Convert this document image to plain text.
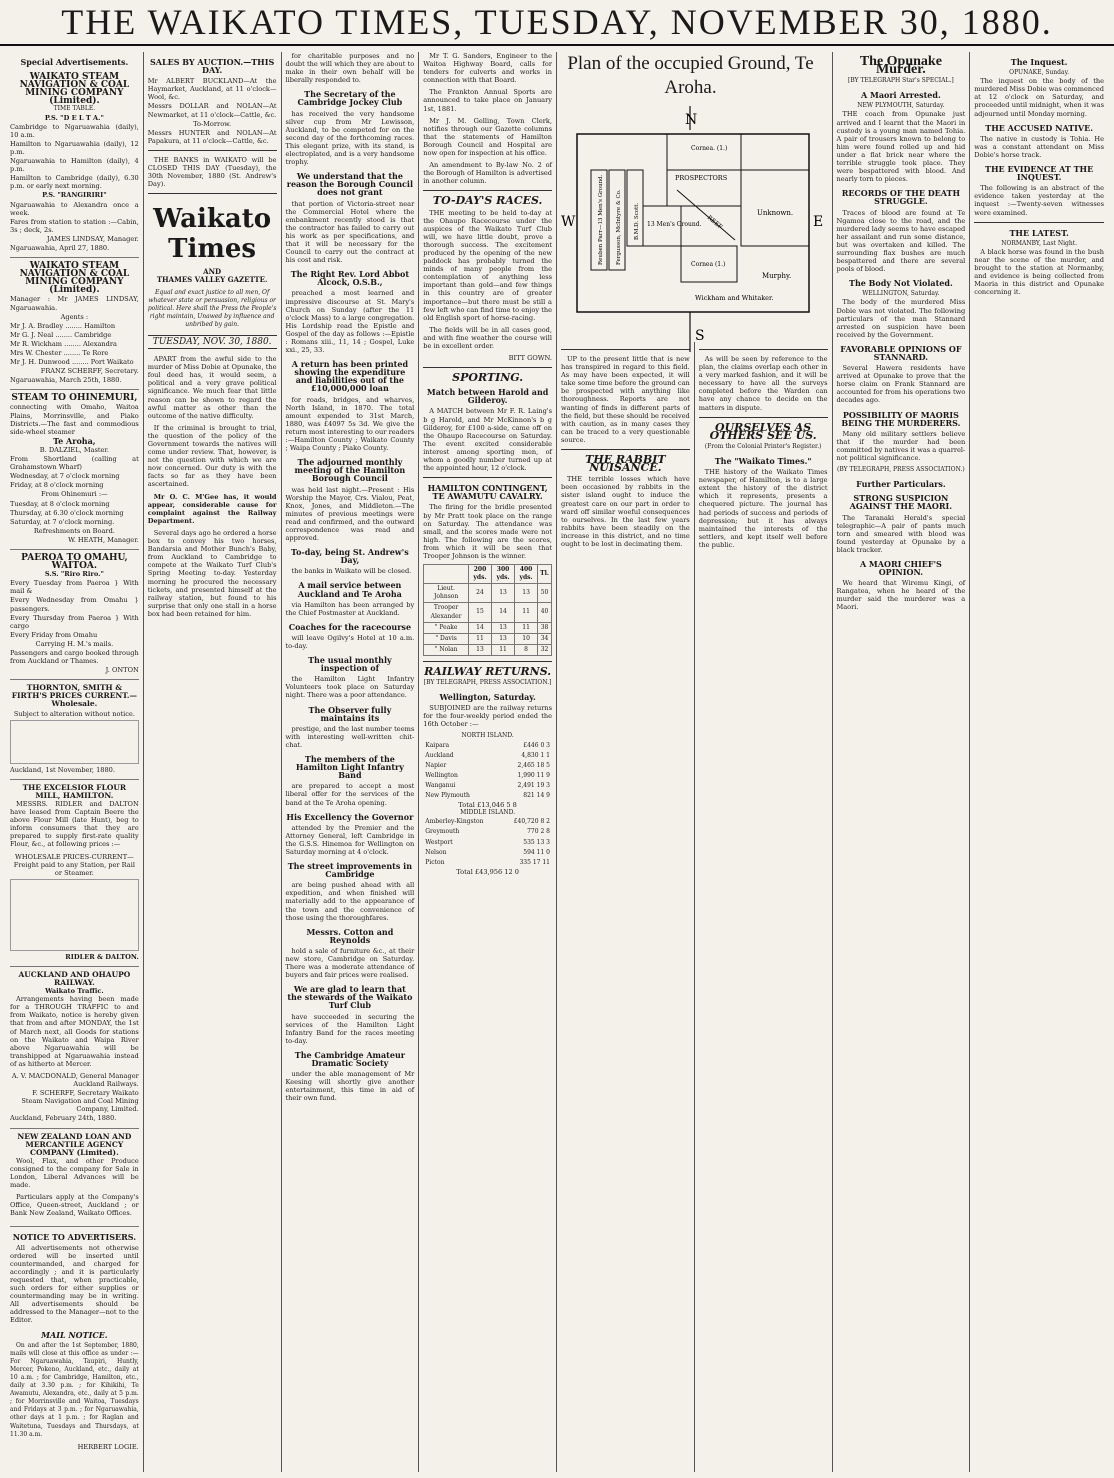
THE WAIKATO TIMES, TUESDAY, NOVEMBER 30, 1880.
Special Advertisements.
WAIKATO STEAM NAVIGATION & COAL MINING COMPANY (Limited).
TIME TABLE.
P.S. "D E L T A."
Cambridge to Ngaruawahia (daily), 10 a.m.
Hamilton to Ngaruawahia (daily), 12 p.m.
Ngaruawahia to Hamilton (daily), 4 p.m.
Hamilton to Cambridge (daily), 6.30 p.m. or early next morning.
P.S. "RANGIRIRI"
Ngaruawahia to Alexandra once a week.
Fares from station to station :—Cabin, 3s ; deck, 2s.
JAMES LINDSAY, Manager.
Ngaruawahia, April 27, 1880.
WAIKATO STEAM NAVIGATION & COAL MINING COMPANY (Limited).
Manager : Mr JAMES LINDSAY, Ngaruawahia.
Agents :
Mr J. A. Bradley ........ Hamilton
Mr G. J. Neal ........ Cambridge
Mr R. Wickham ........ Alexandra
Mrs W. Chester ........ Te Rore
Mr J. H. Dunwood ........ Port Waikato
FRANZ SCHERFF, Secretary.
Ngaruawahia, March 25th, 1880.
STEAM TO OHINEMURI,
connecting with Omaho, Waitoa Plains, Morrinsville, and Piako Districts.—The fast and commodious side-wheel steamer
Te Aroha,
B. DALZIEL, Master.
From Shortland (calling at Grahamstown Wharf)
Wednesday, at 7 o'clock morning
Friday, at 8 o'clock morning
From Ohinemuri :—
Tuesday, at 8 o'clock morning
Thursday, at 6.30 o'clock morning
Saturday, at 7 o'clock morning.
Refreshments on Board.
W. HEATH, Manager.
PAEROA TO OMAHU, WAITOA.
S.S. "Riro Riro."
Every Tuesday from Paeroa } With mail &
Every Wednesday from Omahu } passengers.
Every Thursday from Paeroa } With cargo
Every Friday from Omahu
Carrying H. M.'s mails.
Passengers and cargo booked through from Auckland or Thames.
J. ONTON
THORNTON, SMITH & FIRTH'S PRICES CURRENT.—Wholesale.
Subject to alteration without notice.
Auckland, 1st November, 1880.
THE EXCELSIOR FLOUR MILL, HAMILTON.
MESSRS. RIDLER and DALTON have leased from Captain Beere the above Flour Mill (late Hunt), beg to inform consumers that they are prepared to supply first-rate quality Flour, &c., at following prices :—
WHOLESALE PRICES-CURRENT—Freight paid to any Station, per Rail or Steamer.
RIDLER & DALTON.
AUCKLAND AND OHAUPO RAILWAY.
Waikato Traffic.
Arrangements having been made for a THROUGH TRAFFIC to and from Waikato, notice is hereby given that from and after MONDAY, the 1st of March next, all Goods for stations on the Waikato and Waipa River above Ngaruawahia will be transhipped at Ngaruawahia instead of as hitherto at Mercer.
A. V. MACDONALD, General Manager Auckland Railways.
F. SCHERFF, Secretary Waikato Steam Navigation and Coal Mining Company, Limited.
Auckland, February 24th, 1880.
NEW ZEALAND LOAN AND MERCANTILE AGENCY COMPANY (Limited).
Wool, Flax, and other Produce consigned to the company for Sale in London, Liberal Advances will be made.
Particulars apply at the Company's Office, Queen-street, Auckland ; or Bank New Zealand, Waikato Offices.
NOTICE TO ADVERTISERS.
All advertisements not otherwise ordered will be inserted until countermanded, and charged for accordingly ; and it is particularly requested that, when practicable, such orders for either supplies or countermanding may be in writing. All advertisements should be addressed to the Manager—not to the Editor.
MAIL NOTICE.
On and after the 1st September, 1880, mails will close at this office as under :—For Ngaruawahia, Taupiri, Huntly, Mercer, Pokeno, Auckland, etc., daily at 10 a.m. ; for Cambridge, Hamilton, etc., daily at 3.30 p.m. ; for Kihikihi, Te Awamutu, Alexandra, etc., daily at 5 p.m. ; for Morrinsville and Waitoa, Tuesdays and Fridays at 3 p.m. ; for Ngaruawahia, other days at 1 p.m. ; for Raglan and Waitetuna, Tuesdays and Thursdays, at 11.30 a.m.
HERBERT LOGIE.
SALES BY AUCTION.—THIS DAY.
Mr ALBERT BUCKLAND—At the Haymarket, Auckland, at 11 o'clock—Wool, &c.
Messrs DOLLAR and NOLAN—At Newmarket, at 11 o'clock—Cattle, &c.
To-Morrow.
Messrs HUNTER and NOLAN—At Papakura, at 11 o'clock—Cattle, &c.
THE BANKS in WAIKATO will be CLOSED THIS DAY (Tuesday), the 30th November, 1880 (St. Andrew's Day).
Waikato Times
AND
THAMES VALLEY GAZETTE.
Equal and exact justice to all men, Of whatever state or persuasion, religious or political. Here shall the Press the People's right maintain, Unawed by influence and unbribed by gain.
TUESDAY, NOV. 30, 1880.
APART from the awful side to the murder of Miss Dobie at Opunake, the foul deed has, it would seem, a political and a very grave political significance. We much fear that little reason can be shown to regard the awful matter as other than the outcome of the native difficulty.
If the criminal is brought to trial, the question of the policy of the Government towards the natives will come under review. That, however, is not the question with which we are now concerned. Our duty is with the facts so far as they have been ascertained.
Mr O. C. M'Gee has, it would appear, considerable cause for complaint against the Railway Department.
Several days ago he ordered a horse box to convey his two horses, Bandarsia and Mother Bunch's Baby, from Auckland to Cambridge to compete at the Waikato Turf Club's Spring Meeting to-day. Yesterday morning he procured the necessary tickets, and presented himself at the railway station, but found to his surprise that only one stall in a horse box had been retained for him.
for charitable purposes and no doubt the will which they are about to make in their own behalf will be liberally responded to.
The Secretary of the Cambridge Jockey Club
has received the very handsome silver cup from Mr Lewisson, Auckland, to be competed for on the second day of the forthcoming races. This elegant prize, with its stand, is electroplated, and is a very handsome trophy.
We understand that the reason the Borough Council does not grant
that portion of Victoria-street near the Commercial Hotel where the embankment recently stood is that the contractor has failed to carry out his work as per specifications, and that it will be necessary for the Council to carry out the contract at his cost and risk.
The Right Rev. Lord Abbot Alcock, O.S.B.,
preached a most learned and impressive discourse at St. Mary's Church on Sunday (after the 11 o'clock Mass) to a large congregation. His Lordship read the Epistle and Gospel of the day as follows :—Epistle : Romans xiii., 11, 14 ; Gospel, Luke xxi., 25, 33.
A return has been printed showing the expenditure and liabilities out of the £10,000,000 loan
for roads, bridges, and wharves, North Island, in 1870. The total amount expended to 31st March, 1880, was £4097 5s 3d. We give the return most interesting to our readers :—Hamilton County ; Waikato County ; Waipa County ; Piako County.
The adjourned monthly meeting of the Hamilton Borough Council
was held last night.—Present : His Worship the Mayor, Crs. Vialou, Peat, Knox, Jones, and Middleton.—The minutes of previous meetings were read and confirmed, and the outward correspondence was read and approved.
To-day, being St. Andrew's Day,
the banks in Waikato will be closed.
A mail service between Auckland and Te Aroha
via Hamilton has been arranged by the Chief Postmaster at Auckland.
Coaches for the racecourse
will leave Ogilvy's Hotel at 10 a.m. to-day.
The usual monthly inspection of
the Hamilton Light Infantry Volunteers took place on Saturday night. There was a poor attendance.
The Observer fully maintains its
prestige, and the last number teems with interesting well-written chit-chat.
The members of the Hamilton Light Infantry Band
are prepared to accept a most liberal offer for the services of the band at the Te Aroha opening.
His Excellency the Governor
attended by the Premier and the Attorney General, left Cambridge in the G.S.S. Hinemoa for Wellington on Saturday morning at 4 o'clock.
The street improvements in Cambridge
are being pushed ahead with all expedition, and when finished will materially add to the appearance of the town and the convenience of those using the thoroughfares.
Messrs. Cotton and Reynolds
hold a sale of furniture &c., at their new store, Cambridge on Saturday. There was a moderate attendance of buyers and fair prices were realised.
We are glad to learn that the stewards of the Waikato Turf Club
have succeeded in securing the services of the Hamilton Light Infantry Band for the races meeting to-day.
The Cambridge Amateur Dramatic Society
under the able management of Mr Keesing will shortly give another entertainment, this time in aid of their own fund.
Mr T. G. Sanders, Engineer to the Waitoa Highway Board, calls for tenders for culverts and works in connection with that Board.
The Frankton Annual Sports are announced to take place on January 1st, 1881.
Mr J. M. Gelling, Town Clerk, notifies through our Gazette columns that the statements of Hamilton Borough Council and Hospital are now open for inspection at his office.
An amendment to By-law No. 2 of the Borough of Hamilton is advertised in another column.
TO-DAY'S RACES.
THE meeting to be held to-day at the Ohaupo Racecourse under the auspices of the Waikato Turf Club will, we have little doubt, prove a thorough success. The excitement produced by the opening of the new paddock has probably turned the minds of many people from the contemplation of anything less important than gold—and few things in this country are of greater importance—but there must be still a few left who can find time to enjoy the old English sport of horse-racing.
The fields will be in all cases good, and with fine weather the course will be in excellent order.
BITT GOWN.
SPORTING.
Match between Harold and Gilderoy.
A MATCH between Mr F. R. Laing's b g Harold, and Mr McKinnon's b g Gilderoy, for £100 a-side, came off on the Ohaupo Racecourse on Saturday. The event excited considerable interest among sporting men, of whom a goodly number turned up at the appointed hour, 12 o'clock.
HAMILTON CONTINGENT, TE AWAMUTU CAVALRY.
The firing for the bridle presented by Mr Pratt took place on the range on Saturday. The attendance was small, and the scores made were not high. The following are the scores, from which it will be seen that Trooper Johnson is the winner.
	200 yds.	300 yds.	400 yds.	Tl.
Lieut. Johnson	24	13	13	50
Trooper Alexander	15	14	11	40
" Peake	14	13	11	38
" Davis	11	13	10	34
" Nolan	13	11	8	32
RAILWAY RETURNS.
[BY TELEGRAPH, PRESS ASSOCIATION.]
Wellington, Saturday.
SUBJOINED are the railway returns for the four-weekly period ended the 16th October :—
NORTH ISLAND.
Kaipara	£446 0 3
Auckland	4,830 1 1
Napier	2,465 18 5
Wellington	1,990 11 9
Wanganui	2,491 19 3
New Plymouth	821 14 9
Total £13,046 5 8
MIDDLE ISLAND.
Amberley-Kingston	£40,720 8 2
Greymouth	770 2 8
Westport	535 13 3
Nelson	594 11 0
Picton	335 17 11
Total £43,956 12 0
UP to the present little that is new has transpired in regard to this field. As may have been expected, it will take some time before the ground can be prospected with anything like thoroughness. Reports are not wanting of finds in different parts of the field, but these should be received with caution, as in many cases they can be traced to a very questionable source.
THE RABBIT NUISANCE.
THE terrible losses which have been occasioned by rabbits in the sister island ought to induce the greatest care on our part in order to ward off similar woeful consequences to ourselves. In the last few years rabbits have been steadily on the increase in this district, and no time ought to be lost in decimating them.
As will be seen by reference to the plan, the claims overlap each other in a very marked fashion, and it will be necessary to have all the surveys completed before the Warden can have any chance to decide on the matters in dispute.
OURSELVES AS OTHERS SEE US.
(From the Colonial Printer's Register.)
The "Waikato Times."
THE history of the Waikato Times newspaper, of Hamilton, is to a large extent the history of the district which it represents, presents a chequered picture. The journal has had periods of success and periods of depression; but it has always maintained the interests of the settlers, and kept itself well before the public.
The Opunake Murder.
[BY TELEGRAPH Star's SPECIAL.]
A Maori Arrested.
NEW PLYMOUTH, Saturday.
THE coach from Opunake just arrived and I learnt that the Maori in custody is a young man named Tohia. A pair of trousers known to belong to him were found rolled up and hid under a flat brick near where the terrible struggle took place. They were bespattered with blood. And nearly torn to pieces.
RECORDS OF THE DEATH STRUGGLE.
Traces of blood are found at Te Ngamoa close to the road, and the murdered lady seems to have escaped her assailant and run some distance, but was overtaken and killed. The surrounding flax bushes are much bespattered and there are several pools of blood.
The Body Not Violated.
WELLINGTON, Saturday.
The body of the murdered Miss Dobie was not violated. The following particulars of the man Stannard arrested on suspicion have been received by the Government.
FAVORABLE OPINIONS OF STANNARD.
Several Hawera residents have arrived at Opunake to prove that the horse claim on Frank Stannard are accounted for from his operations two decades ago.
POSSIBILITY OF MAORIS BEING THE MURDERERS.
Many old military settlers believe that if the murder had been committed by natives it was a quarrel-not political significance.
(BY TELEGRAPH, PRESS ASSOCIATION.)
Further Particulars.
STRONG SUSPICION AGAINST THE MAORI.
The Taranaki Herald's special telegraphic—A pair of pants much torn and smeared with blood was found yesterday at Opunake by a black tracker.
A MAORI CHIEF'S OPINION.
We heard that Wiremu Kingi, of Rangatea, when he heard of the murder said the murderer was a Maori.
The Inquest.
OPUNAKE, Sunday.
The inquest on the body of the murdered Miss Dobie was commenced at 12 o'clock on Saturday, and proceeded until midnight, when it was adjourned until Monday morning.
THE ACCUSED NATIVE.
The native in custody is Tohia. He was a constant attendant on Miss Dobie's horse track.
THE EVIDENCE AT THE INQUEST.
The following is an abstract of the evidence taken yesterday at the inquest :—Twenty-seven witnesses were examined.
THE LATEST.
NORMANBY, Last Night.
A black horse was found in the bush near the scene of the murder, and brought to the station at Normanby, and evidence is being collected from Maoria in this district and Opunake concerning it.
Plan of the occupied Ground, Te Aroha.
N
Cornea. (1.)
PROSPECTORS
REEF
Unknown.
Reuben Parr—13 Men's Ground. Fergusson, McIntyre & Co. B.M.D. Scott. 13 Men's Ground.
Cornea (1.)
Murphy.
Wickham and Whitaker.
W	E
S
